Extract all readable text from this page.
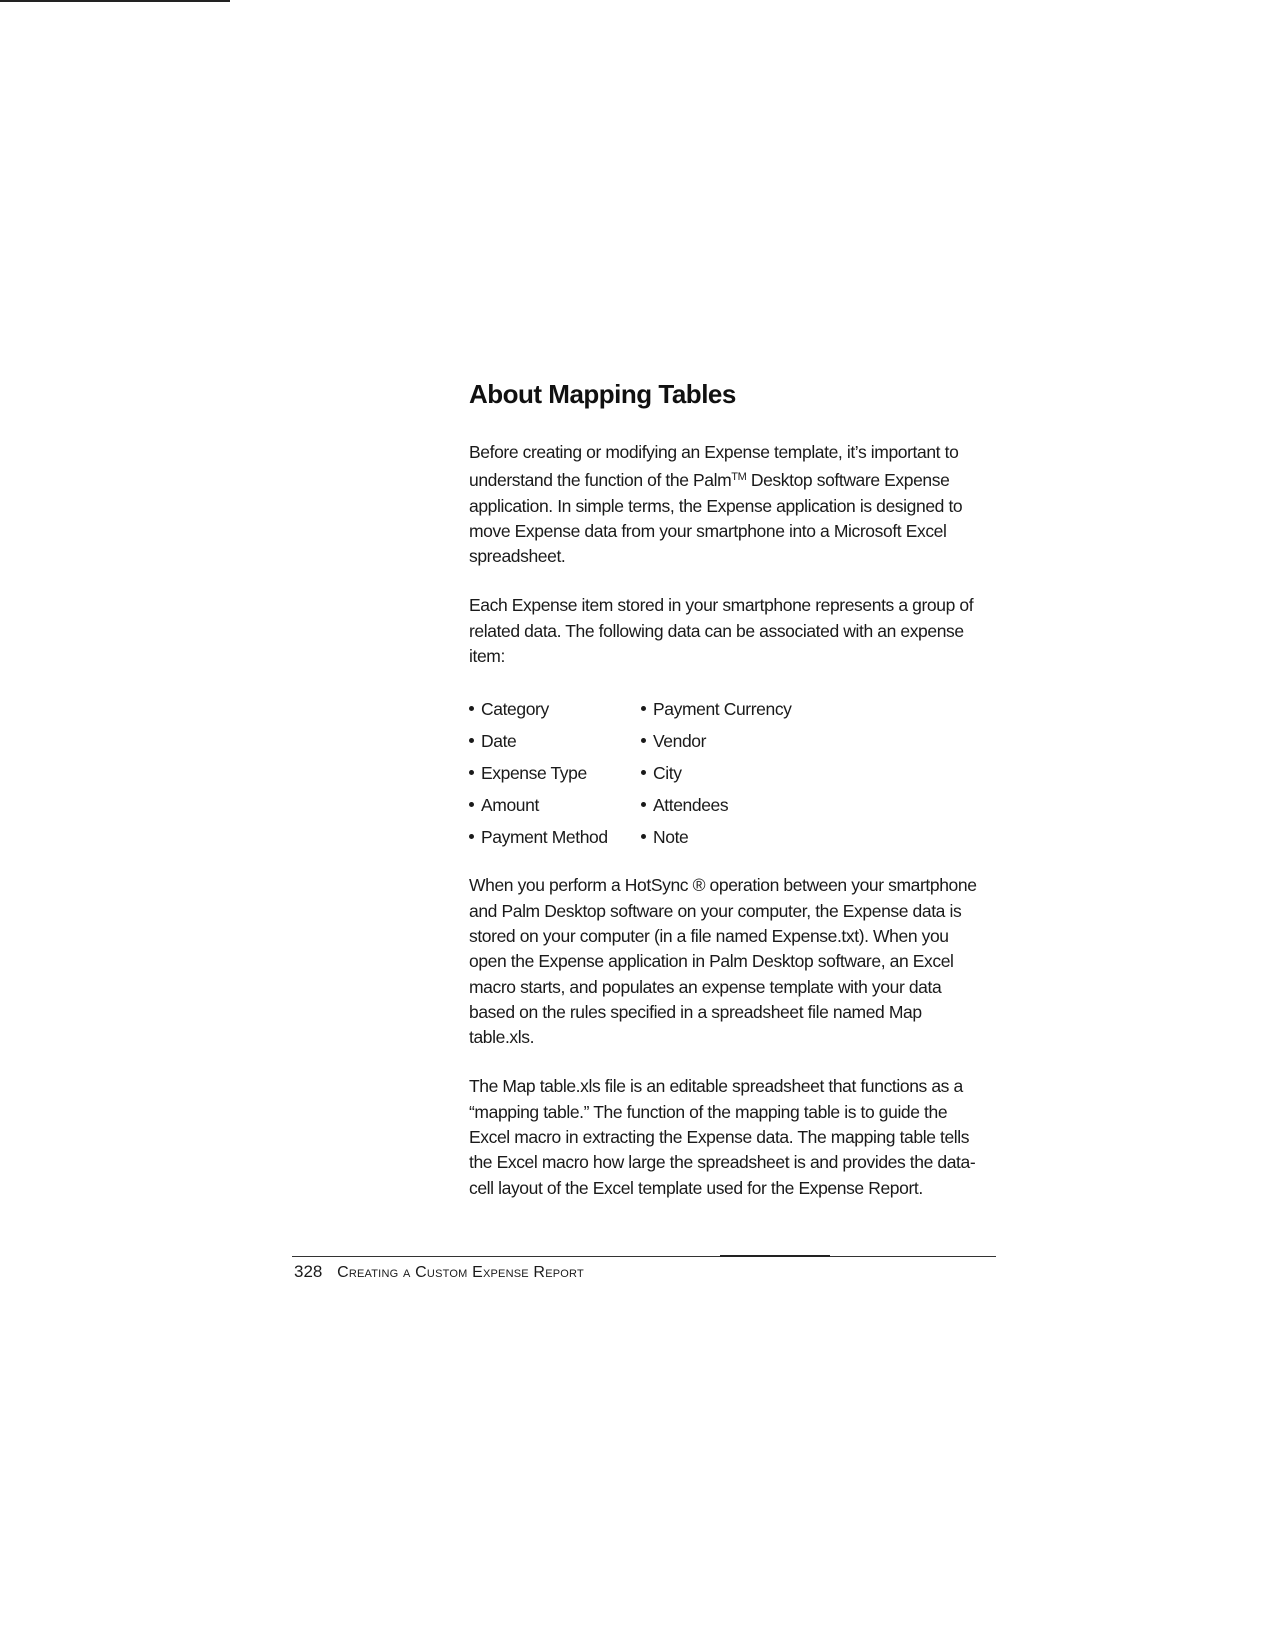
About Mapping Tables

Before creating or modifying an Expense template, it’s important to understand the function of the Palm™ Desktop software Expense application. In simple terms, the Expense application is designed to move Expense data from your smartphone into a Microsoft Excel spreadsheet.

Each Expense item stored in your smartphone represents a group of related data. The following data can be associated with an expense item:

Category	Payment Currency
Date	Vendor
Expense Type	City
Amount	Attendees
Payment Method	Note

When you perform a HotSync ® operation between your smartphone and Palm Desktop software on your computer, the Expense data is stored on your computer (in a file named Expense.txt). When you open the Expense application in Palm Desktop software, an Excel macro starts, and populates an expense template with your data based on the rules specified in a spreadsheet file named Map table.xls.

The Map table.xls file is an editable spreadsheet that functions as a “mapping table.” The function of the mapping table is to guide the Excel macro in extracting the Expense data. The mapping table tells the Excel macro how large the spreadsheet is and provides the data-cell layout of the Excel template used for the Expense Report.

328 Creating a Custom Expense Report
